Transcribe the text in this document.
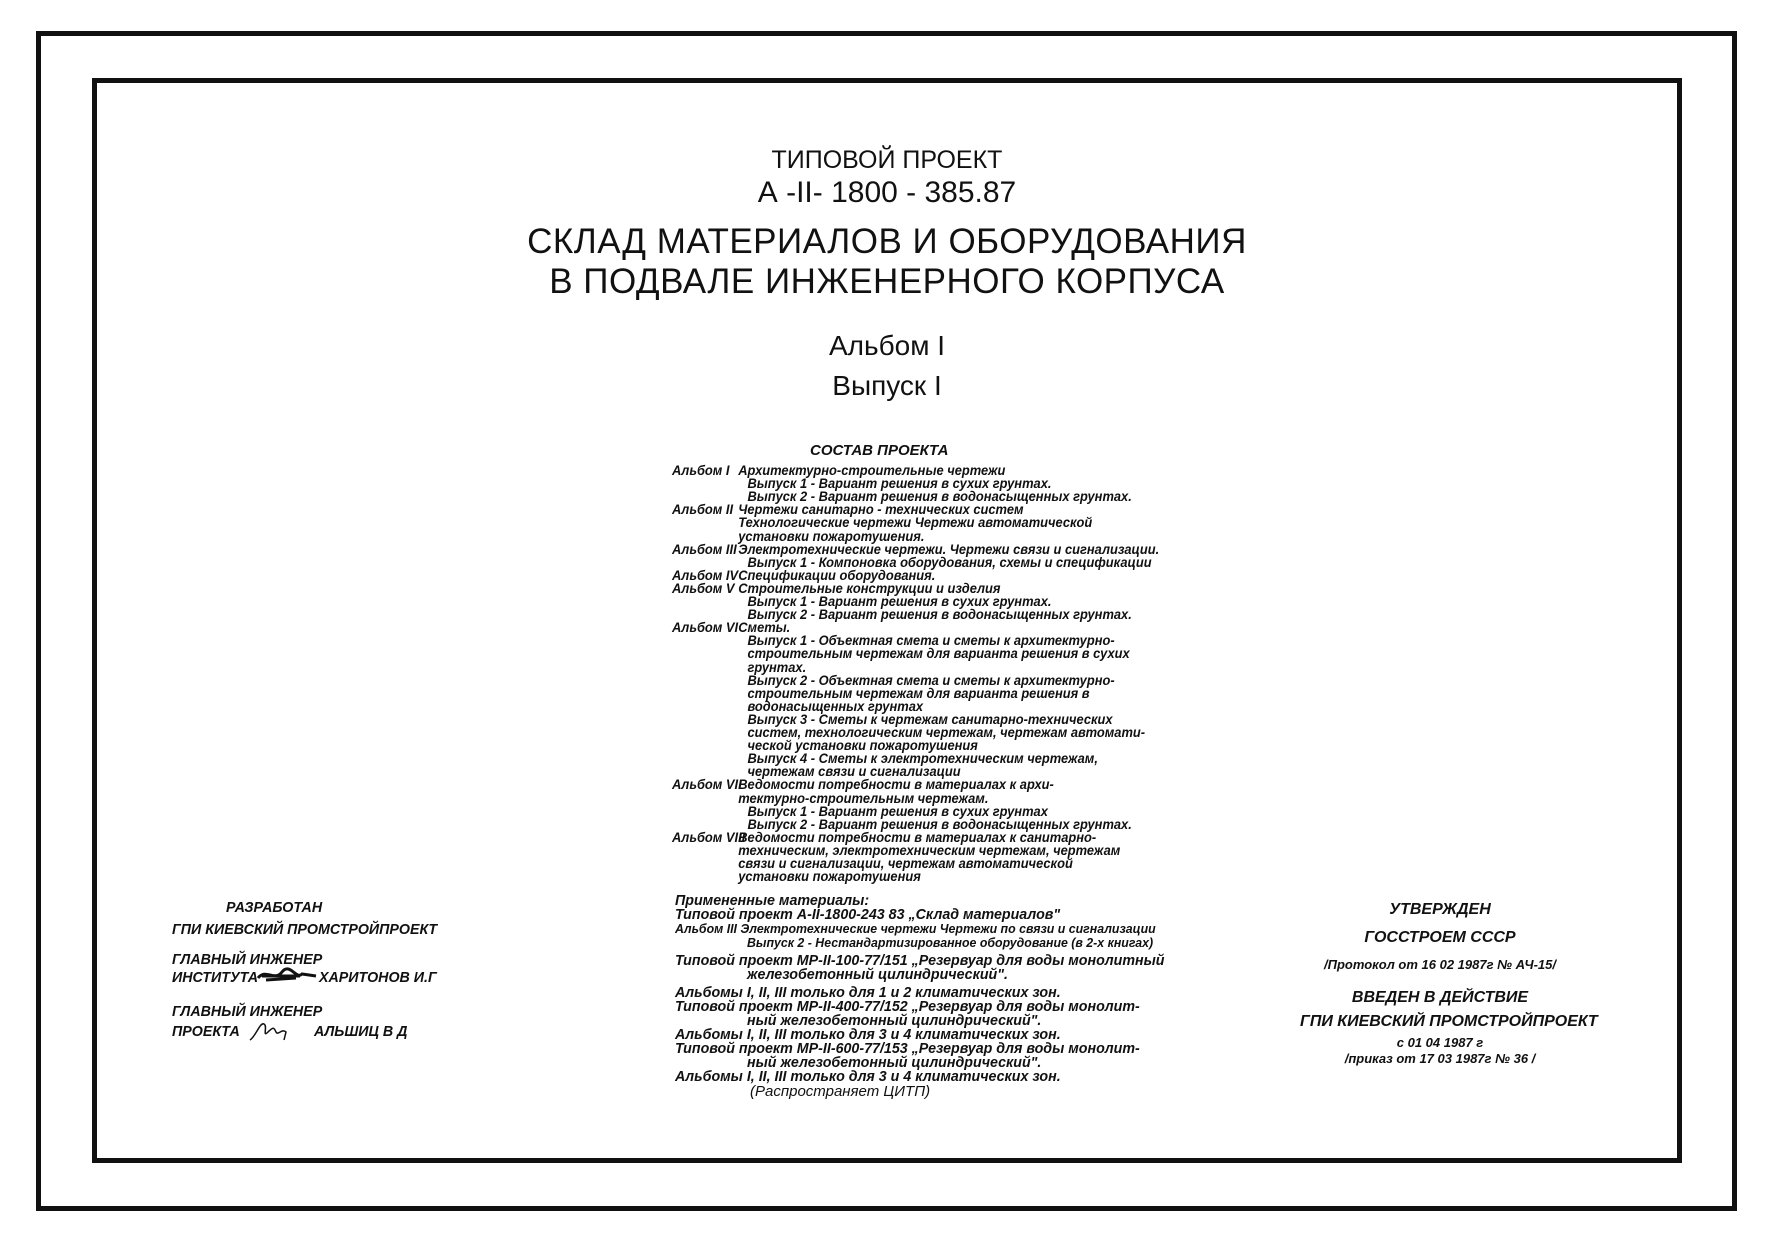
ТИПОВОЙ ПРОЕКТ
А -II- 1800 - 385.87
СКЛАД МАТЕРИАЛОВ И ОБОРУДОВАНИЯ
В ПОДВАЛЕ ИНЖЕНЕРНОГО КОРПУСА
Альбом I
Выпуск I
СОСТАВ ПРОЕКТА
Альбом I Архитектурно-строительные чертежи
Выпуск 1 - Вариант решения в сухих грунтах.
Выпуск 2 - Вариант решения в водонасыщенных грунтах.
Альбом II Чертежи санитарно - технических систем
Технологические чертежи Чертежи автоматической
установки пожаротушения.
Альбом III Электротехнические чертежи. Чертежи связи и сигнализации.
Выпуск 1 - Компоновка оборудования, схемы и спецификации
Альбом IV Спецификации оборудования.
Альбом V Строительные конструкции и изделия
Выпуск 1 - Вариант решения в сухих грунтах.
Выпуск 2 - Вариант решения в водонасыщенных грунтах.
Альбом VI Сметы.
Выпуск 1 - Объектная смета и сметы к архитектурно-
строительным чертежам для варианта решения в сухих
грунтах.
Выпуск 2 - Объектная смета и сметы к архитектурно-
строительным чертежам для варианта решения в
водонасыщенных грунтах
Выпуск 3 - Сметы к чертежам санитарно-технических
систем, технологическим чертежам, чертежам автомати-
ческой установки пожаротушения
Выпуск 4 - Сметы к электротехническим чертежам,
чертежам связи и сигнализации
Альбом VII
Ведомости потребности в материалах к архи-
тектурно-строительным чертежам.
Выпуск 1 - Вариант решения в сухих грунтах
Выпуск 2 - Вариант решения в водонасыщенных грунтах.
Альбом VIII
Ведомости потребности в материалах к санитарно-
техническим, электротехническим чертежам, чертежам
связи и сигнализации, чертежам автоматической
установки пожаротушения
Примененные материалы:
Типовой проект А-II-1800-243 83 „Склад материалов"
Альбом III Электротехнические чертежи Чертежи по связи и сигнализации
Выпуск 2 - Нестандартизированное оборудование (в 2-х книгах)
Типовой проект МР-II-100-77/151 „Резервуар для воды монолитный
железобетонный цилиндрический".
Альбомы I, II, III только для 1 и 2 климатических зон.
Типовой проект МР-II-400-77/152 „Резервуар для воды монолит-
ный железобетонный цилиндрический".
Альбомы I, II, III только для 3 и 4 климатических зон.
Типовой проект МР-II-600-77/153 „Резервуар для воды монолит-
ный железобетонный цилиндрический".
Альбомы I, II, III только для 3 и 4 климатических зон.
(Распространяет ЦИТП)
РАЗРАБОТАН
ГПИ КИЕВСКИЙ ПРОМСТРОЙПРОЕКТ
ГЛАВНЫЙ ИНЖЕНЕР
ИНСТИТУТА	ХАРИТОНОВ И.Г
ГЛАВНЫЙ ИНЖЕНЕР
ПРОЕКТА	АЛЬШИЦ В Д
УТВЕРЖДЕН
ГОССТРОЕМ СССР
/Протокол от 16 02 1987г № АЧ-15/
ВВЕДЕН В ДЕЙСТВИЕ
ГПИ КИЕВСКИЙ ПРОМСТРОЙПРОЕКТ
с 01 04 1987 г
/приказ от 17 03 1987г № 36 /
